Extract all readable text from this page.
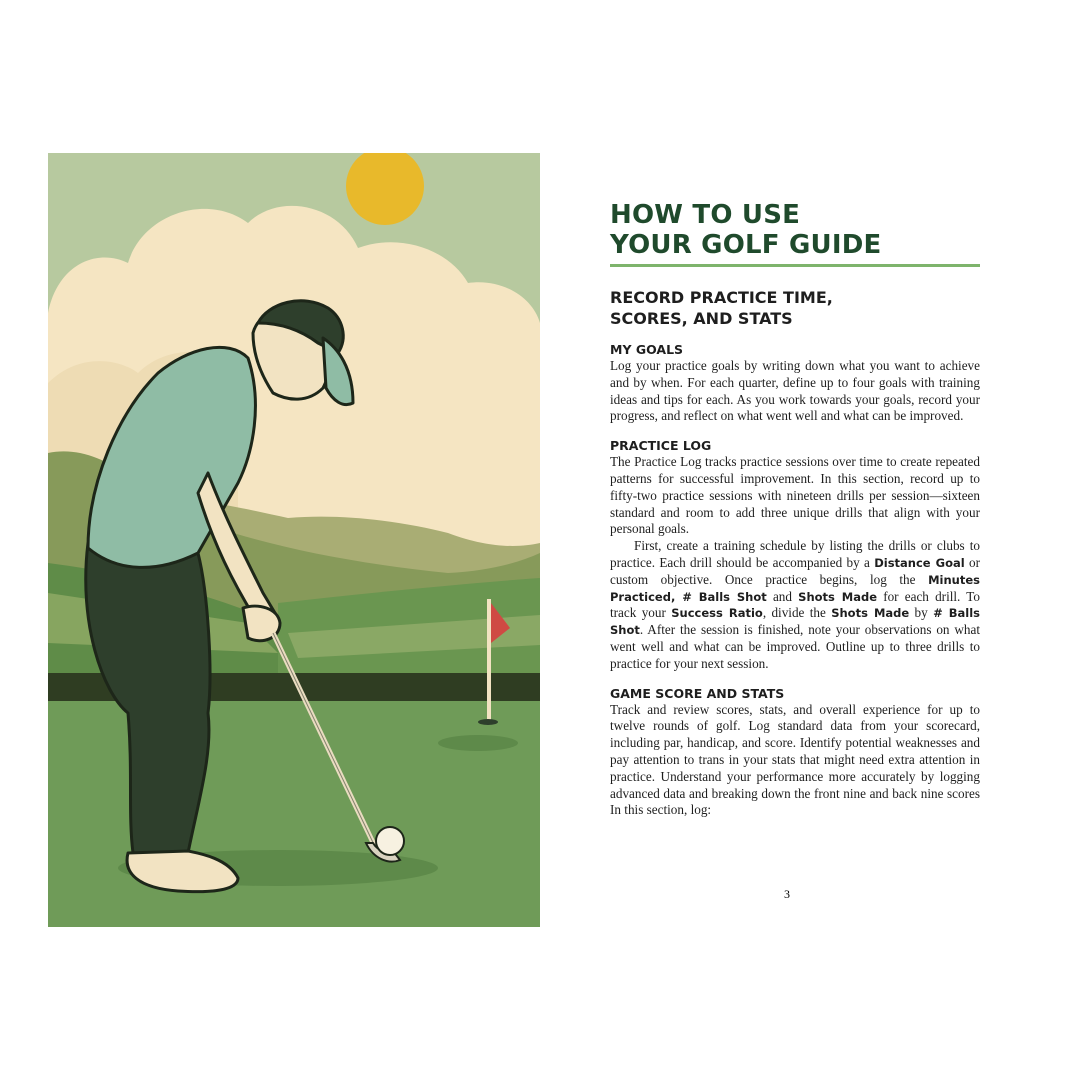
HOW TO USE
YOUR GOLF GUIDE
RECORD PRACTICE TIME,
SCORES, AND STATS
MY GOALS

Log your practice goals by writing down what you want to achieve and by when. For each quarter, define up to four goals with training ideas and tips for each. As you work towards your goals, record your progress, and reflect on what went well and what can be improved.

PRACTICE LOG

The Practice Log tracks practice sessions over time to create repeated patterns for successful improvement. In this section, record up to fifty-two practice sessions with nineteen drills per session—sixteen standard and room to add three unique drills that align with your personal goals.

First, create a training schedule by listing the drills or clubs to practice. Each drill should be accompanied by a Distance Goal or custom objective. Once practice begins, log the Minutes Practiced, # Balls Shot and Shots Made for each drill. To track your Success Ratio, divide the Shots Made by # Balls Shot. After the session is finished, note your observations on what went well and what can be improved. Outline up to three drills to practice for your next session.

GAME SCORE AND STATS

Track and review scores, stats, and overall experience for up to twelve rounds of golf. Log standard data from your scorecard, including par, handicap, and score. Identify potential weaknesses and pay attention to trans in your stats that might need extra attention in practice. Understand your performance more accurately by logging advanced data and breaking down the front nine and back nine scores In this section, log:

3
